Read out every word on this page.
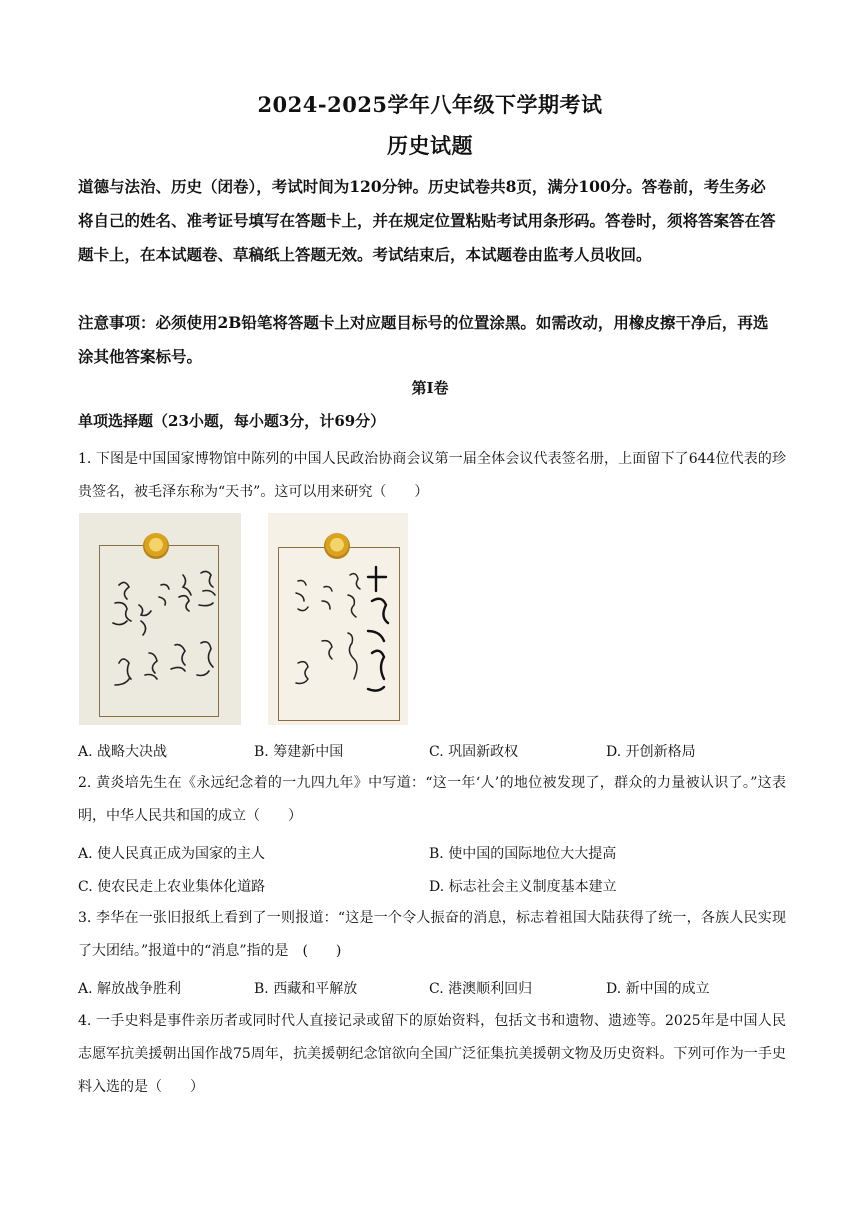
2024-2025学年八年级下学期考试
历史试题
道德与法治、历史（闭卷），考试时间为120分钟。历史试卷共8页，满分100分。答卷前，考生务必将自己的姓名、准考证号填写在答题卡上，并在规定位置粘贴考试用条形码。答卷时，须将答案答在答题卡上，在本试题卷、草稿纸上答题无效。考试结束后，本试题卷由监考人员收回。
注意事项：必须使用2B铅笔将答题卡上对应题目标号的位置涂黑。如需改动，用橡皮擦干净后，再选涂其他答案标号。
第Ⅰ卷
单项选择题（23小题，每小题3分，计69分）
1. 下图是中国国家博物馆中陈列的中国人民政治协商会议第一届全体会议代表签名册，上面留下了644位代表的珍贵签名，被毛泽东称为“天书”。这可以用来研究（　　）
A. 战略大决战	B. 筹建新中国	C. 巩固新政权	D. 开创新格局
2. 黄炎培先生在《永远纪念着的一九四九年》中写道：“这一年‘人’的地位被发现了，群众的力量被认识了。”这表明，中华人民共和国的成立（　　）
A. 使人民真正成为国家的主人	B. 使中国的国际地位大大提高
C. 使农民走上农业集体化道路	D. 标志社会主义制度基本建立
3. 李华在一张旧报纸上看到了一则报道：“这是一个令人振奋的消息，标志着祖国大陆获得了统一，各族人民实现了大团结。”报道中的“消息”指的是　(　　)
A. 解放战争胜利	B. 西藏和平解放	C. 港澳顺利回归	D. 新中国的成立
4. 一手史料是事件亲历者或同时代人直接记录或留下的原始资料，包括文书和遗物、遗迹等。2025年是中国人民志愿军抗美援朝出国作战75周年，抗美援朝纪念馆欲向全国广泛征集抗美援朝文物及历史资料。下列可作为一手史料入选的是（　　）
